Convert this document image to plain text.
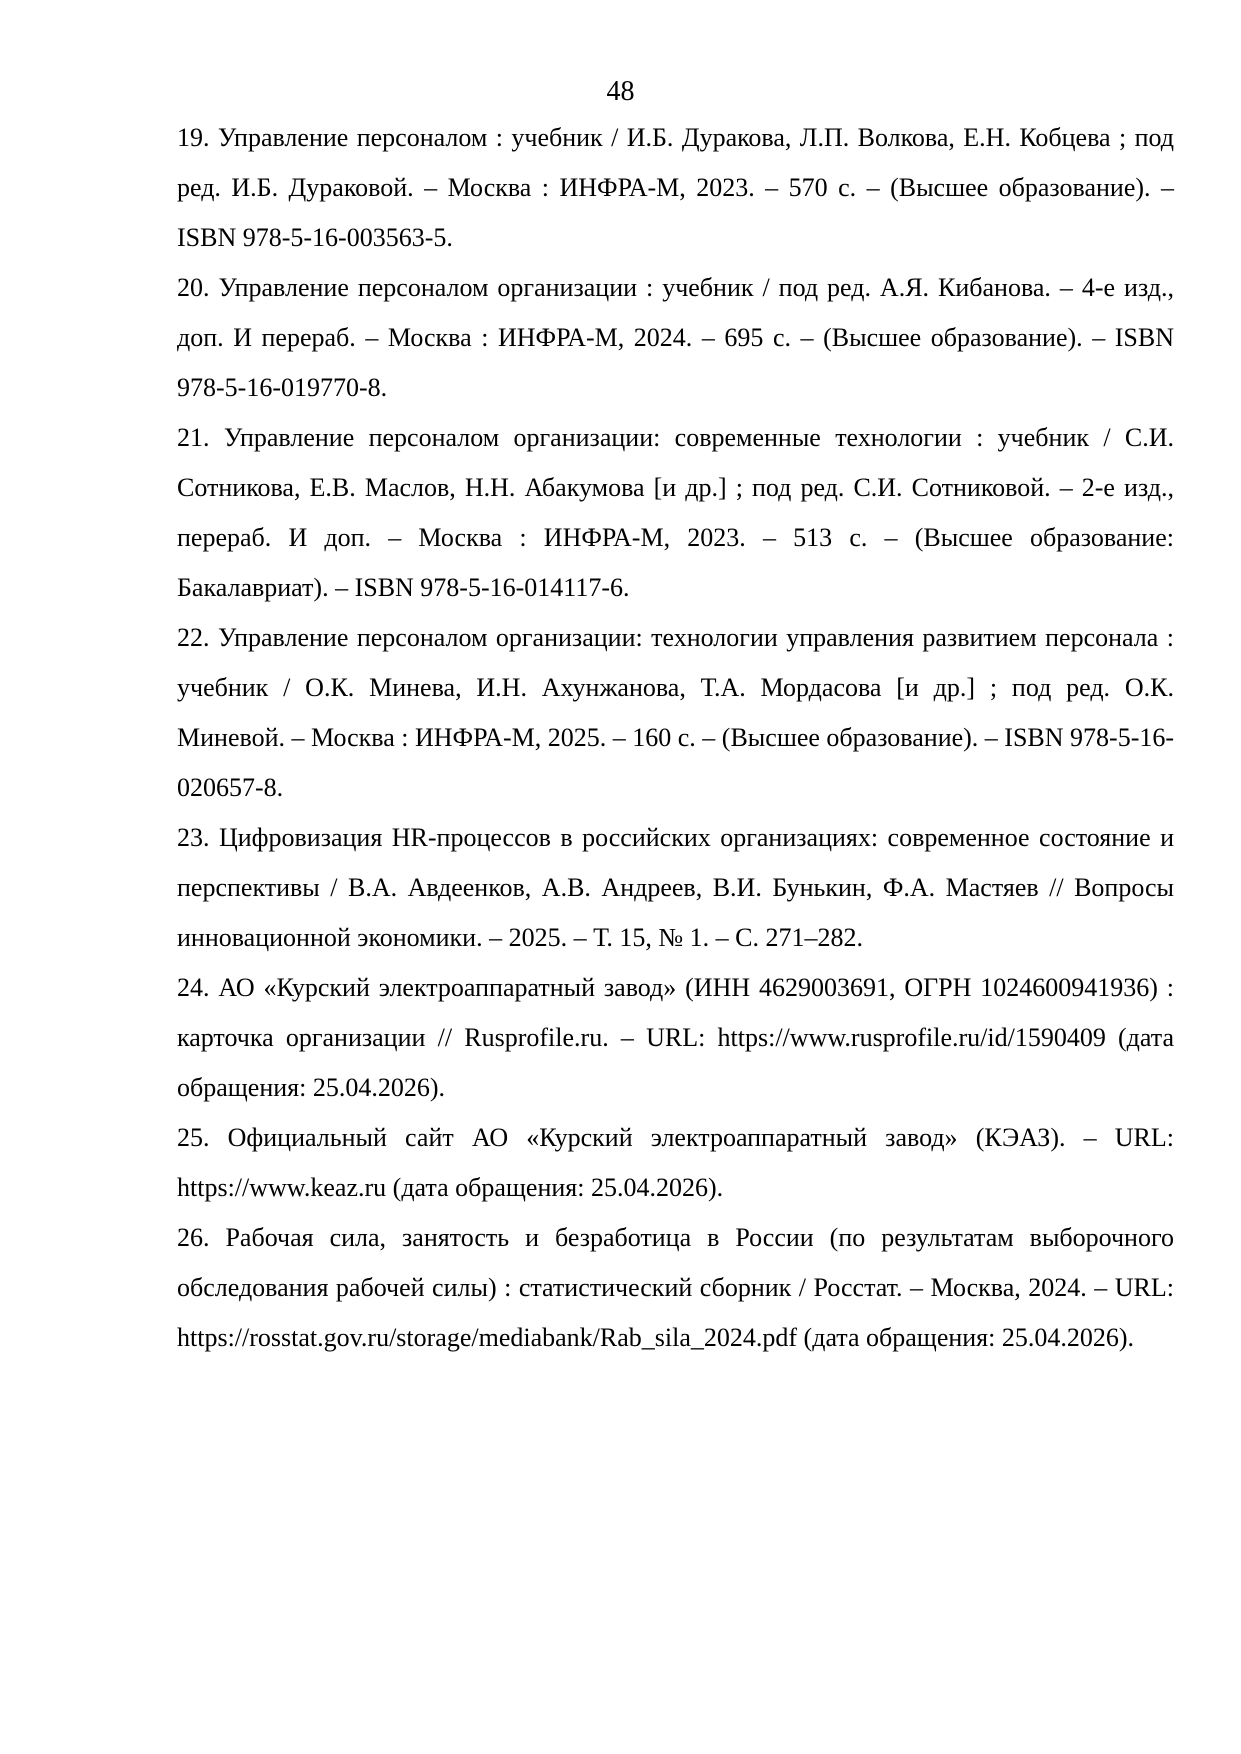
48
19. Управление персоналом : учебник / И.Б. Дуракова, Л.П. Волкова, Е.Н. Кобцева ; под ред. И.Б. Дураковой. – Москва : ИНФРА-М, 2023. – 570 с. – (Высшее образование). – ISBN 978-5-16-003563-5.
20. Управление персоналом организации : учебник / под ред. А.Я. Кибанова. – 4-е изд., доп. И перераб. – Москва : ИНФРА-М, 2024. – 695 с. – (Высшее образование). – ISBN 978-5-16-019770-8.
21. Управление персоналом организации: современные технологии : учебник / С.И. Сотникова, Е.В. Маслов, Н.Н. Абакумова [и др.] ; под ред. С.И. Сотниковой. – 2-е изд., перераб. И доп. – Москва : ИНФРА-М, 2023. – 513 с. – (Высшее образование: Бакалавриат). – ISBN 978-5-16-014117-6.
22. Управление персоналом организации: технологии управления развитием персонала : учебник / О.К. Минева, И.Н. Ахунжанова, Т.А. Мордасова [и др.] ; под ред. О.К. Миневой. – Москва : ИНФРА-М, 2025. – 160 с. – (Высшее образование). – ISBN 978-5-16-020657-8.
23. Цифровизация HR-процессов в российских организациях: современное состояние и перспективы / В.А. Авдеенков, А.В. Андреев, В.И. Бунькин, Ф.А. Мастяев // Вопросы инновационной экономики. – 2025. – Т. 15, № 1. – С. 271–282.
24. АО «Курский электроаппаратный завод» (ИНН 4629003691, ОГРН 1024600941936) : карточка организации // Rusprofile.ru. – URL: https://www.rusprofile.ru/id/1590409 (дата обращения: 25.04.2026).
25. Официальный сайт АО «Курский электроаппаратный завод» (КЭАЗ). – URL: https://www.keaz.ru (дата обращения: 25.04.2026).
26. Рабочая сила, занятость и безработица в России (по результатам выборочного обследования рабочей силы) : статистический сборник / Росстат. – Москва, 2024. – URL: https://rosstat.gov.ru/storage/mediabank/Rab_sila_2024.pdf (дата обращения: 25.04.2026).
